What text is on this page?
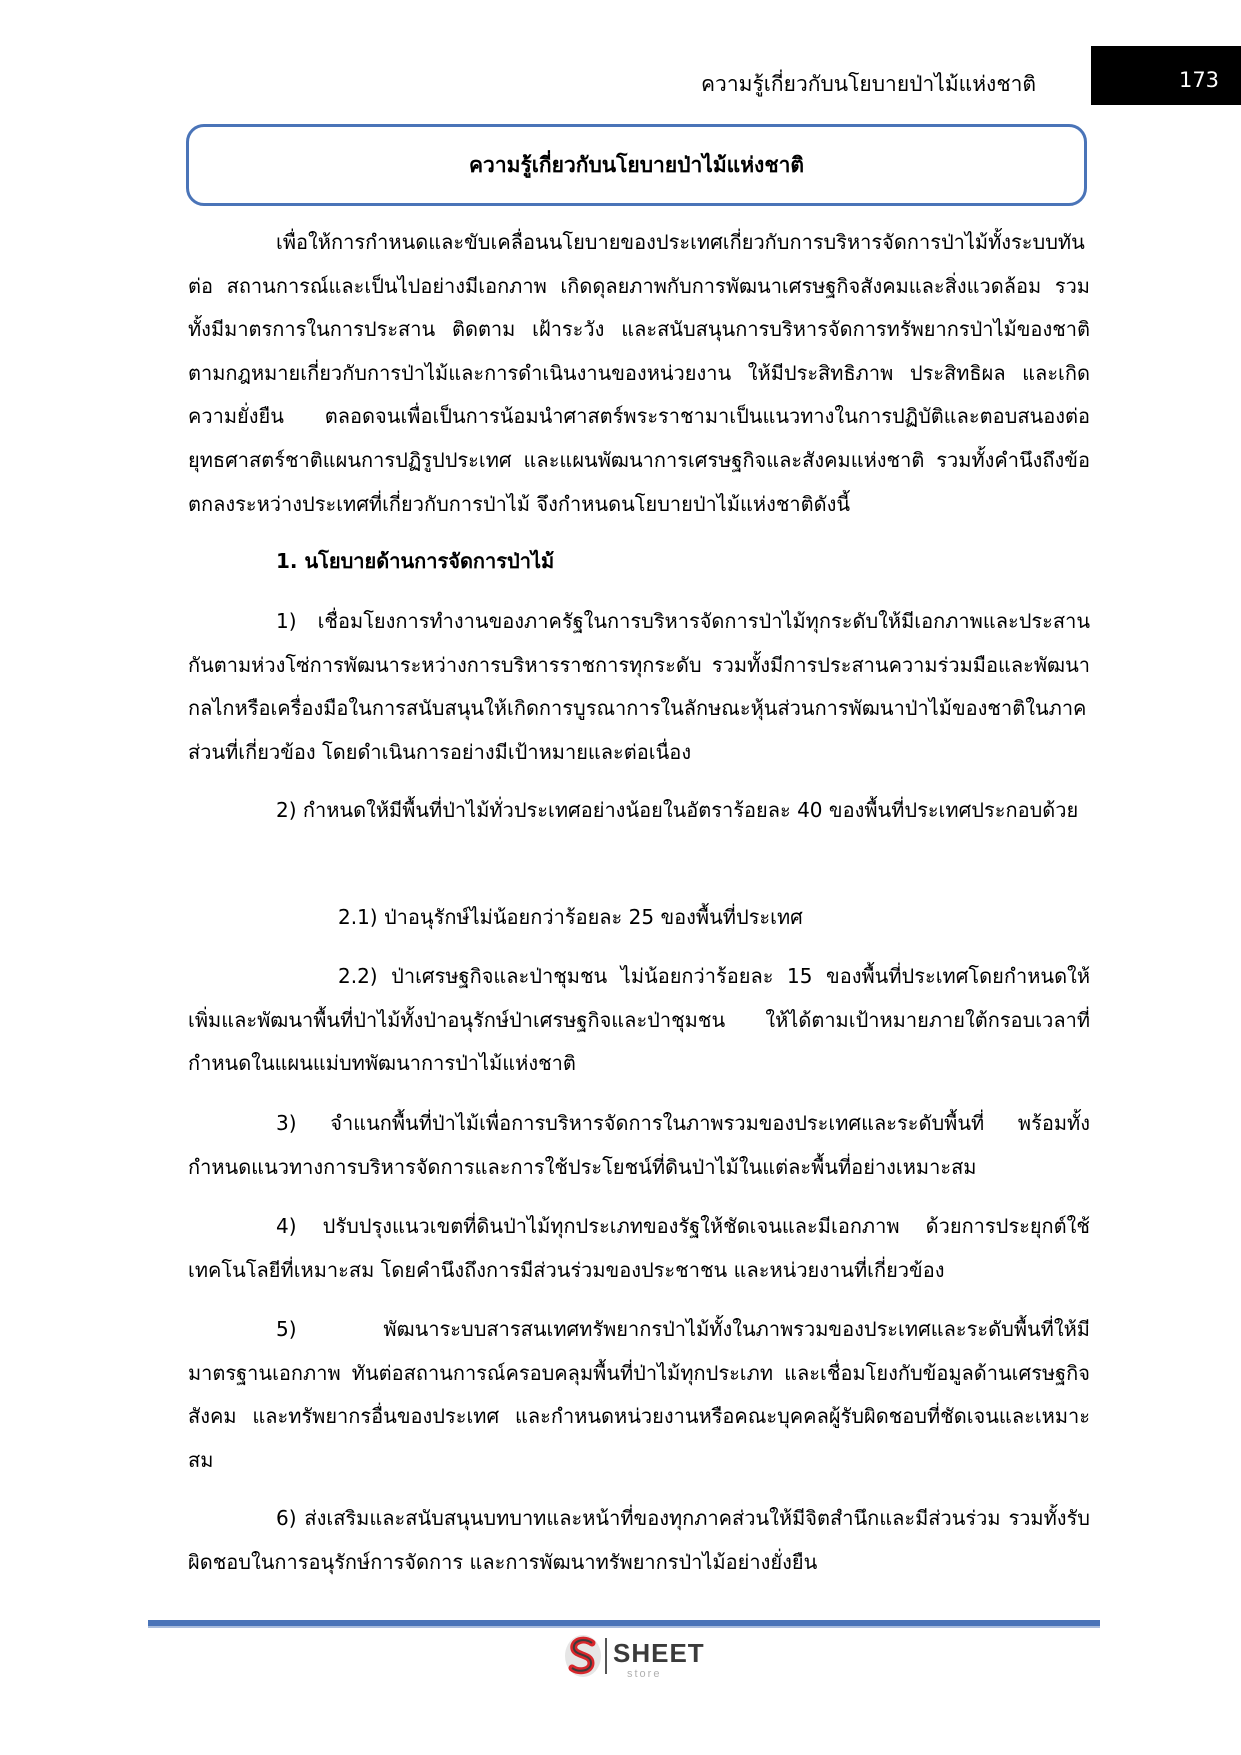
ความรู้เกี่ยวกับนโยบายป่าไม้แห่งชาติ	173
ความรู้เกี่ยวกับนโยบายป่าไม้แห่งชาติ

เพื่อให้การกำหนดและขับเคลื่อนนโยบายของประเทศเกี่ยวกับการบริหารจัดการป่าไม้ทั้งระบบทันต่อ สถานการณ์และเป็นไปอย่างมีเอกภาพ เกิดดุลยภาพกับการพัฒนาเศรษฐกิจสังคมและสิ่งแวดล้อม รวมทั้งมีมาตรการในการประสาน ติดตาม เฝ้าระวัง และสนับสนุนการบริหารจัดการทรัพยากรป่าไม้ของชาติตามกฎหมายเกี่ยวกับการป่าไม้และการดำเนินงานของหน่วยงาน ให้มีประสิทธิภาพ ประสิทธิผล และเกิดความยั่งยืน ตลอดจนเพื่อเป็นการน้อมนำศาสตร์พระราชามาเป็นแนวทางในการปฏิบัติและตอบสนองต่อยุทธศาสตร์ชาติแผนการปฏิรูปประเทศ และแผนพัฒนาการเศรษฐกิจและสังคมแห่งชาติ รวมทั้งคำนึงถึงข้อตกลงระหว่างประเทศที่เกี่ยวกับการป่าไม้ จึงกำหนดนโยบายป่าไม้แห่งชาติดังนี้

1. นโยบายด้านการจัดการป่าไม้

1) เชื่อมโยงการทำงานของภาครัฐในการบริหารจัดการป่าไม้ทุกระดับให้มีเอกภาพและประสานกันตามห่วงโซ่การพัฒนาระหว่างการบริหารราชการทุกระดับ รวมทั้งมีการประสานความร่วมมือและพัฒนากลไกหรือเครื่องมือในการสนับสนุนให้เกิดการบูรณาการในลักษณะหุ้นส่วนการพัฒนาป่าไม้ของชาติในภาคส่วนที่เกี่ยวข้อง โดยดำเนินการอย่างมีเป้าหมายและต่อเนื่อง

2) กำหนดให้มีพื้นที่ป่าไม้ทั่วประเทศอย่างน้อยในอัตราร้อยละ 40 ของพื้นที่ประเทศประกอบด้วย

2.1) ป่าอนุรักษ์ไม่น้อยกว่าร้อยละ 25 ของพื้นที่ประเทศ

2.2) ป่าเศรษฐกิจและป่าชุมชน ไม่น้อยกว่าร้อยละ 15 ของพื้นที่ประเทศโดยกำหนดให้เพิ่มและพัฒนาพื้นที่ป่าไม้ทั้งป่าอนุรักษ์ป่าเศรษฐกิจและป่าชุมชน ให้ได้ตามเป้าหมายภายใต้กรอบเวลาที่กำหนดในแผนแม่บทพัฒนาการป่าไม้แห่งชาติ

3) จำแนกพื้นที่ป่าไม้เพื่อการบริหารจัดการในภาพรวมของประเทศและระดับพื้นที่ พร้อมทั้งกำหนดแนวทางการบริหารจัดการและการใช้ประโยชน์ที่ดินป่าไม้ในแต่ละพื้นที่อย่างเหมาะสม

4) ปรับปรุงแนวเขตที่ดินป่าไม้ทุกประเภทของรัฐให้ชัดเจนและมีเอกภาพ ด้วยการประยุกต์ใช้เทคโนโลยีที่เหมาะสม โดยคำนึงถึงการมีส่วนร่วมของประชาชน และหน่วยงานที่เกี่ยวข้อง

5) พัฒนาระบบสารสนเทศทรัพยากรป่าไม้ทั้งในภาพรวมของประเทศและระดับพื้นที่ให้มีมาตรฐานเอกภาพ ทันต่อสถานการณ์ครอบคลุมพื้นที่ป่าไม้ทุกประเภท และเชื่อมโยงกับข้อมูลด้านเศรษฐกิจ สังคม และทรัพยากรอื่นของประเทศ และกำหนดหน่วยงานหรือคณะบุคคลผู้รับผิดชอบที่ชัดเจนและเหมาะสม

6) ส่งเสริมและสนับสนุนบทบาทและหน้าที่ของทุกภาคส่วนให้มีจิตสำนึกและมีส่วนร่วม รวมทั้งรับผิดชอบในการอนุรักษ์การจัดการ และการพัฒนาทรัพยากรป่าไม้อย่างยั่งยืน

SHEET
store
